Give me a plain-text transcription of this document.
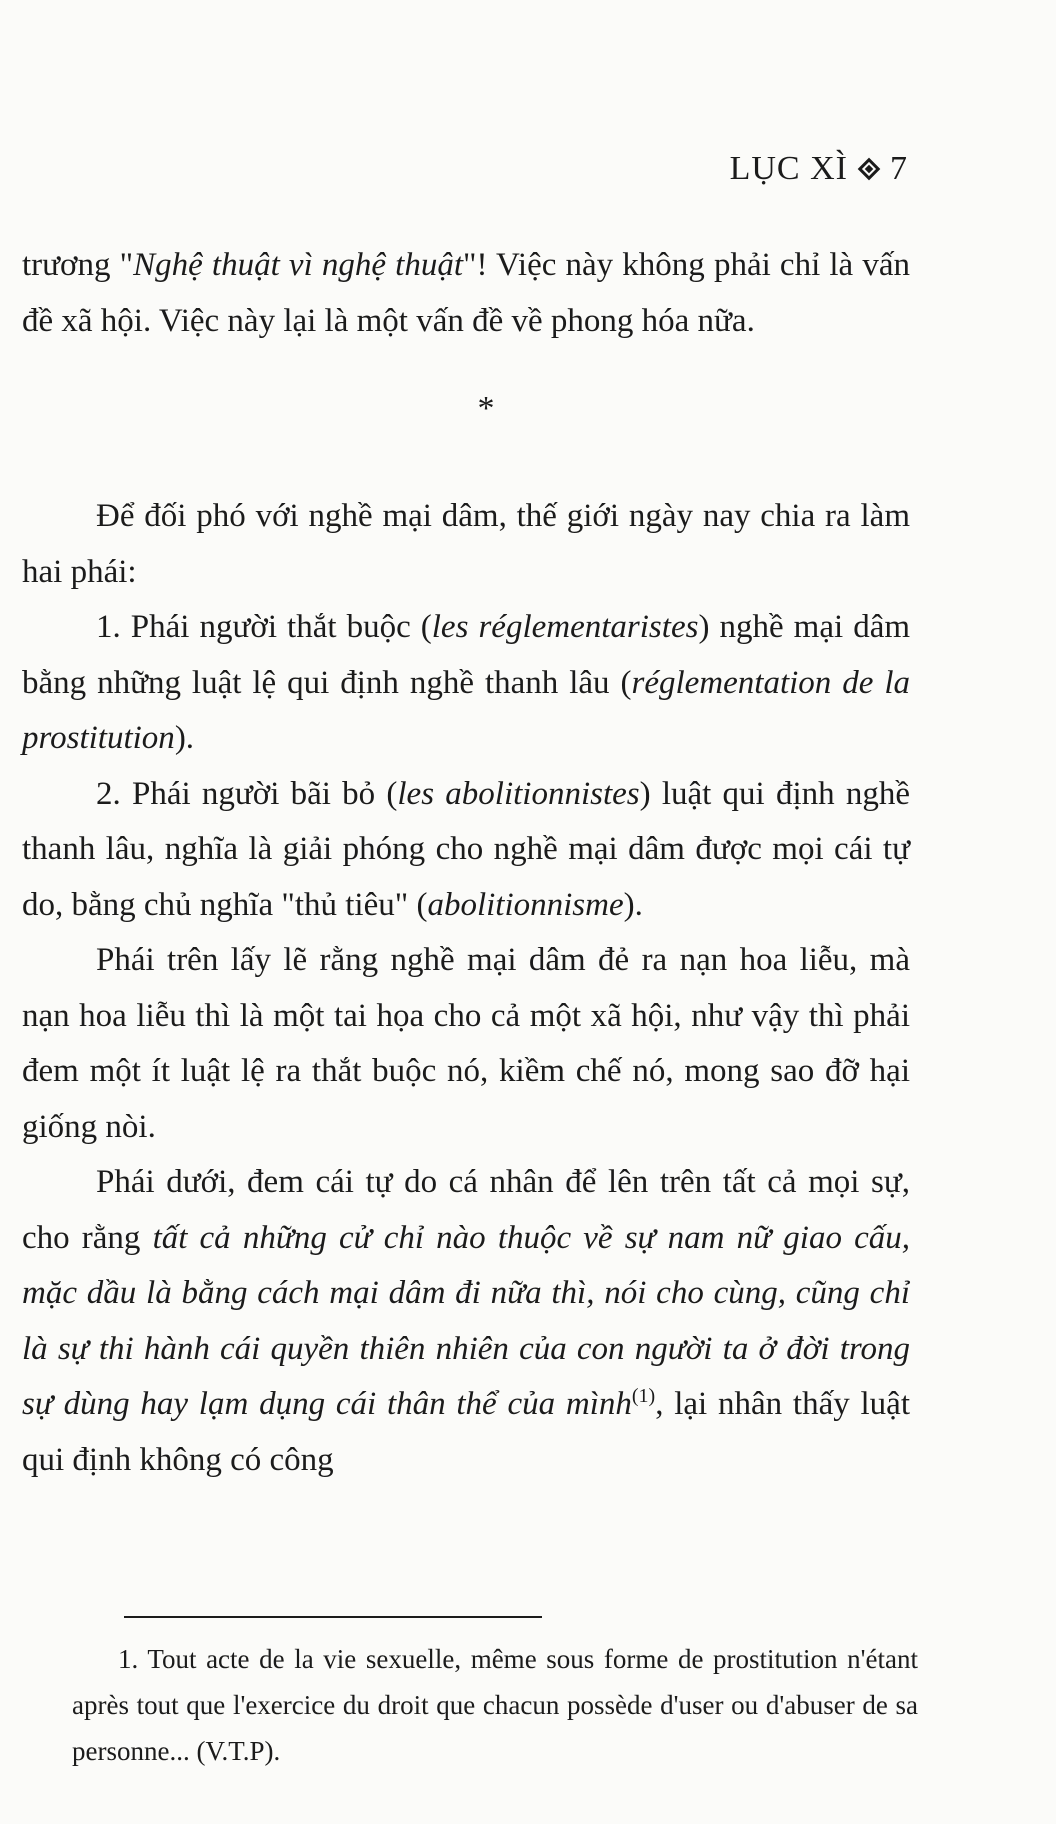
LỤC XÌ 7

trương "Nghệ thuật vì nghệ thuật"! Việc này không phải chỉ là vấn đề xã hội. Việc này lại là một vấn đề về phong hóa nữa.

*

Để đối phó với nghề mại dâm, thế giới ngày nay chia ra làm hai phái:

1. Phái người thắt buộc (les réglementaristes) nghề mại dâm bằng những luật lệ qui định nghề thanh lâu (réglementation de la prostitution).

2. Phái người bãi bỏ (les abolitionnistes) luật qui định nghề thanh lâu, nghĩa là giải phóng cho nghề mại dâm được mọi cái tự do, bằng chủ nghĩa "thủ tiêu" (abolitionnisme).

Phái trên lấy lẽ rằng nghề mại dâm đẻ ra nạn hoa liễu, mà nạn hoa liễu thì là một tai họa cho cả một xã hội, như vậy thì phải đem một ít luật lệ ra thắt buộc nó, kiềm chế nó, mong sao đỡ hại giống nòi.

Phái dưới, đem cái tự do cá nhân để lên trên tất cả mọi sự, cho rằng tất cả những cử chỉ nào thuộc về sự nam nữ giao cấu, mặc dầu là bằng cách mại dâm đi nữa thì, nói cho cùng, cũng chỉ là sự thi hành cái quyền thiên nhiên của con người ta ở đời trong sự dùng hay lạm dụng cái thân thể của mình$^{(1)}$, lại nhân thấy luật qui định không có công

1. Tout acte de la vie sexuelle, même sous forme de prostitution n'étant après tout que l'exercice du droit que chacun possède d'user ou d'abuser de sa personne... (V.T.P).
